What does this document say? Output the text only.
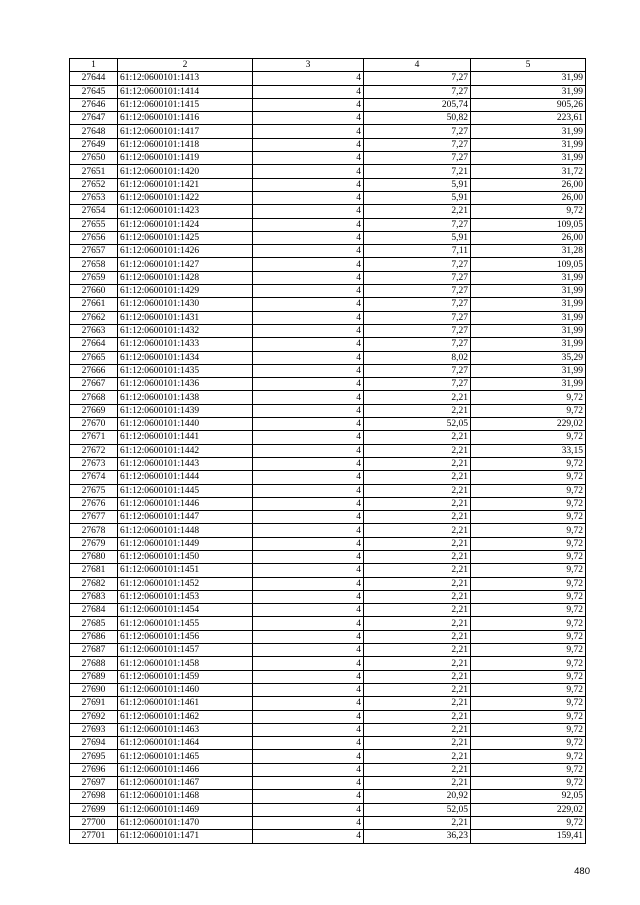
1	2	3	4	5
27644	61:12:0600101:1413	4	7,27	31,99
27645	61:12:0600101:1414	4	7,27	31,99
27646	61:12:0600101:1415	4	205,74	905,26
27647	61:12:0600101:1416	4	50,82	223,61
27648	61:12:0600101:1417	4	7,27	31,99
27649	61:12:0600101:1418	4	7,27	31,99
27650	61:12:0600101:1419	4	7,27	31,99
27651	61:12:0600101:1420	4	7,21	31,72
27652	61:12:0600101:1421	4	5,91	26,00
27653	61:12:0600101:1422	4	5,91	26,00
27654	61:12:0600101:1423	4	2,21	9,72
27655	61:12:0600101:1424	4	7,27	109,05
27656	61:12:0600101:1425	4	5,91	26,00
27657	61:12:0600101:1426	4	7,11	31,28
27658	61:12:0600101:1427	4	7,27	109,05
27659	61:12:0600101:1428	4	7,27	31,99
27660	61:12:0600101:1429	4	7,27	31,99
27661	61:12:0600101:1430	4	7,27	31,99
27662	61:12:0600101:1431	4	7,27	31,99
27663	61:12:0600101:1432	4	7,27	31,99
27664	61:12:0600101:1433	4	7,27	31,99
27665	61:12:0600101:1434	4	8,02	35,29
27666	61:12:0600101:1435	4	7,27	31,99
27667	61:12:0600101:1436	4	7,27	31,99
27668	61:12:0600101:1438	4	2,21	9,72
27669	61:12:0600101:1439	4	2,21	9,72
27670	61:12:0600101:1440	4	52,05	229,02
27671	61:12:0600101:1441	4	2,21	9,72
27672	61:12:0600101:1442	4	2,21	33,15
27673	61:12:0600101:1443	4	2,21	9,72
27674	61:12:0600101:1444	4	2,21	9,72
27675	61:12:0600101:1445	4	2,21	9,72
27676	61:12:0600101:1446	4	2,21	9,72
27677	61:12:0600101:1447	4	2,21	9,72
27678	61:12:0600101:1448	4	2,21	9,72
27679	61:12:0600101:1449	4	2,21	9,72
27680	61:12:0600101:1450	4	2,21	9,72
27681	61:12:0600101:1451	4	2,21	9,72
27682	61:12:0600101:1452	4	2,21	9,72
27683	61:12:0600101:1453	4	2,21	9,72
27684	61:12:0600101:1454	4	2,21	9,72
27685	61:12:0600101:1455	4	2,21	9,72
27686	61:12:0600101:1456	4	2,21	9,72
27687	61:12:0600101:1457	4	2,21	9,72
27688	61:12:0600101:1458	4	2,21	9,72
27689	61:12:0600101:1459	4	2,21	9,72
27690	61:12:0600101:1460	4	2,21	9,72
27691	61:12:0600101:1461	4	2,21	9,72
27692	61:12:0600101:1462	4	2,21	9,72
27693	61:12:0600101:1463	4	2,21	9,72
27694	61:12:0600101:1464	4	2,21	9,72
27695	61:12:0600101:1465	4	2,21	9,72
27696	61:12:0600101:1466	4	2,21	9,72
27697	61:12:0600101:1467	4	2,21	9,72
27698	61:12:0600101:1468	4	20,92	92,05
27699	61:12:0600101:1469	4	52,05	229,02
27700	61:12:0600101:1470	4	2,21	9,72
27701	61:12:0600101:1471	4	36,23	159,41
480
